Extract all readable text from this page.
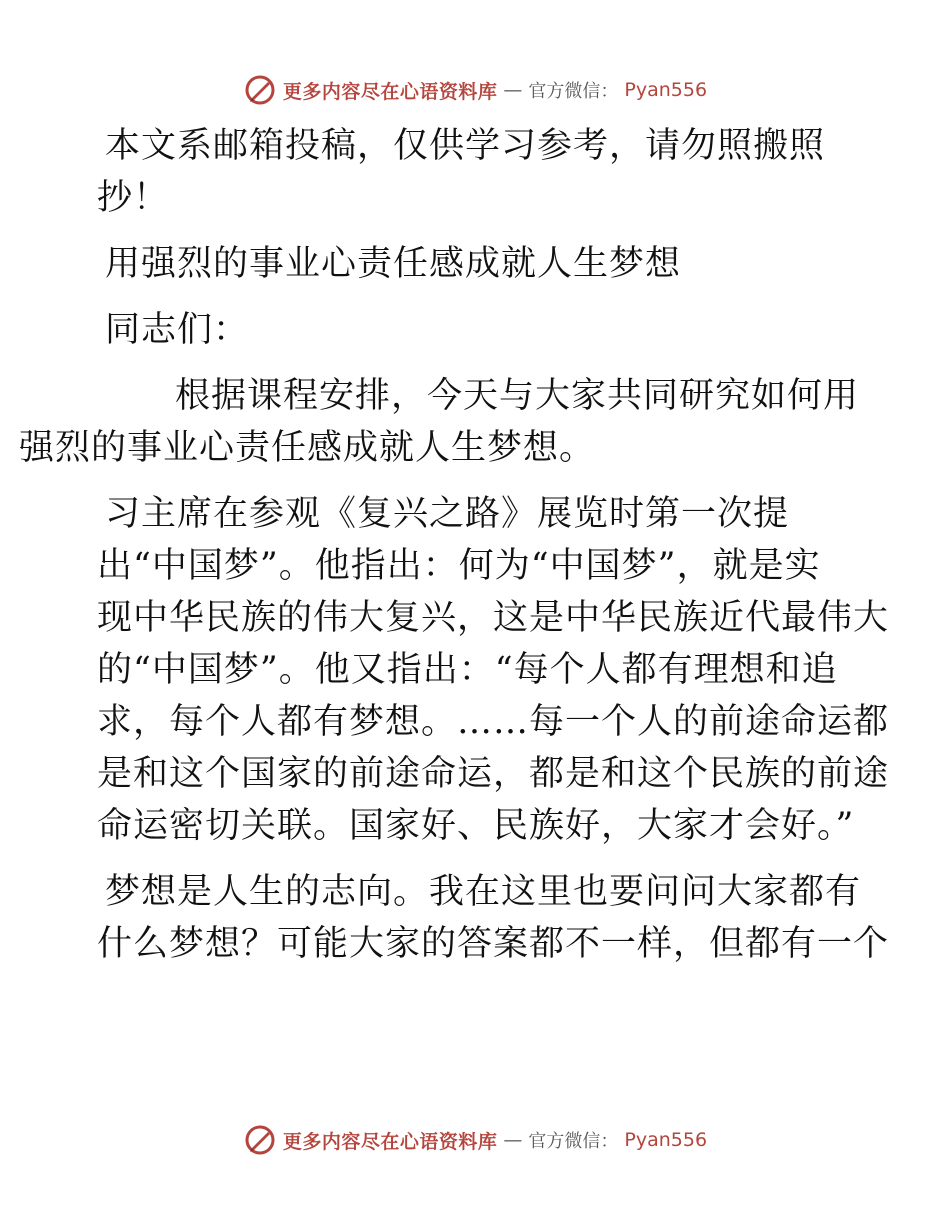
更多内容尽在心语资料库 — 官方微信： Pyan556

本文系邮箱投稿，仅供学习参考，请勿照搬照
抄！

用强烈的事业心责任感成就人生梦想

同志们：

根据课程安排，今天与大家共同研究如何用
强烈的事业心责任感成就人生梦想。

习主席在参观《复兴之路》展览时第一次提
出“中国梦”。他指出：何为“中国梦”，就是实
现中华民族的伟大复兴，这是中华民族近代最伟大
的“中国梦”。他又指出：“每个人都有理想和追
求，每个人都有梦想。……每一个人的前途命运都
是和这个国家的前途命运，都是和这个民族的前途
命运密切关联。国家好、民族好，大家才会好。”

梦想是人生的志向。我在这里也要问问大家都有
什么梦想？可能大家的答案都不一样，但都有一个

更多内容尽在心语资料库 — 官方微信： Pyan556
